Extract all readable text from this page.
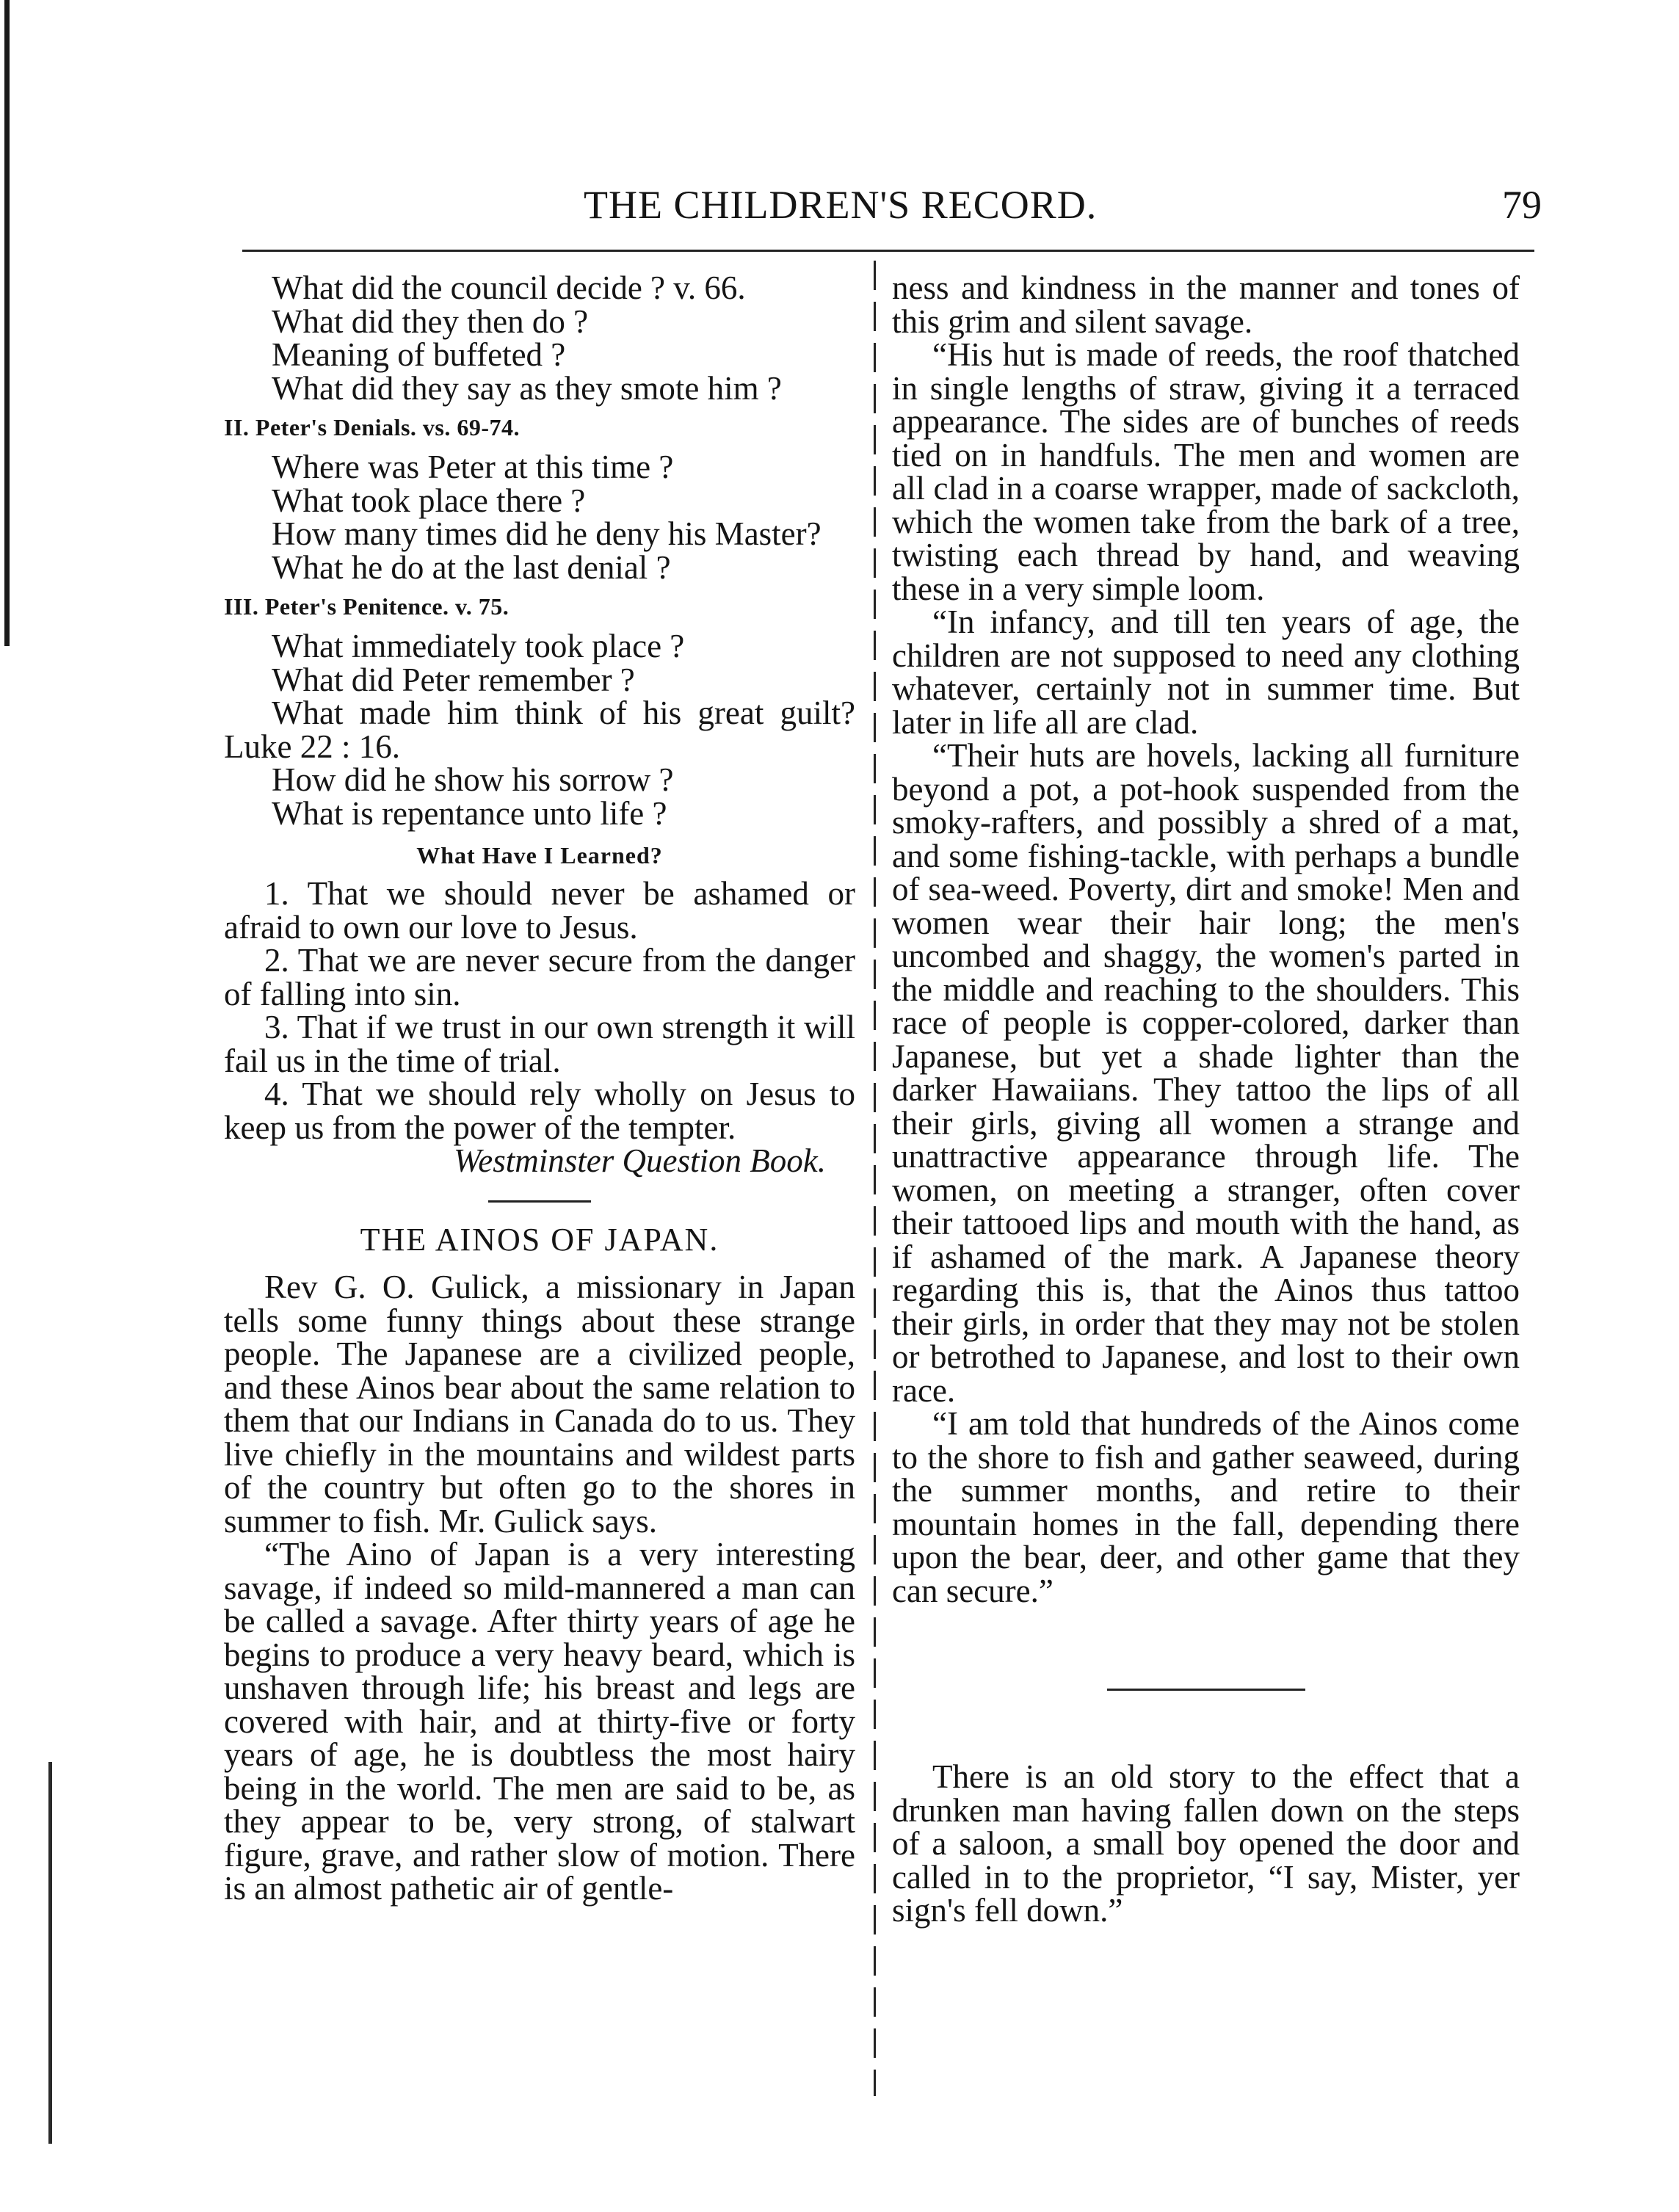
THE CHILDREN'S RECORD.	79

What did the council decide ? v. 66.

What did they then do ?

Meaning of buffeted ?

What did they say as they smote him ?

II. Peter's Denials. vs. 69-74.

Where was Peter at this time ?

What took place there ?

How many times did he deny his Master?

What he do at the last denial ?

III. Peter's Penitence. v. 75.

What immediately took place ?

What did Peter remember ?

What made him think of his great guilt? Luke 22 : 16.

How did he show his sorrow ?

What is repentance unto life ?

What Have I Learned?

1. That we should never be ashamed or afraid to own our love to Jesus.

2. That we are never secure from the danger of falling into sin.

3. That if we trust in our own strength it will fail us in the time of trial.

4. That we should rely wholly on Jesus to keep us from the power of the tempter.

Westminster Question Book.

THE AINOS OF JAPAN.

Rev G. O. Gulick, a missionary in Japan tells some funny things about these strange people. The Japanese are a civilized people, and these Ainos bear about the same relation to them that our Indians in Canada do to us. They live chiefly in the mountains and wildest parts of the country but often go to the shores in summer to fish. Mr. Gulick says.

“The Aino of Japan is a very interesting savage, if indeed so mild-mannered a man can be called a savage. After thirty years of age he begins to produce a very heavy beard, which is unshaven through life; his breast and legs are covered with hair, and at thirty-five or forty years of age, he is doubtless the most hairy being in the world. The men are said to be, as they appear to be, very strong, of stalwart figure, grave, and rather slow of motion. There is an almost pathetic air of gentle-

ness and kindness in the manner and tones of this grim and silent savage.

“His hut is made of reeds, the roof thatched in single lengths of straw, giving it a terraced appearance. The sides are of bunches of reeds tied on in handfuls. The men and women are all clad in a coarse wrapper, made of sackcloth, which the women take from the bark of a tree, twisting each thread by hand, and weaving these in a very simple loom.

“In infancy, and till ten years of age, the children are not supposed to need any clothing whatever, certainly not in summer time. But later in life all are clad.

“Their huts are hovels, lacking all furniture beyond a pot, a pot-hook suspended from the smoky-rafters, and possibly a shred of a mat, and some fishing-tackle, with perhaps a bundle of sea-weed. Poverty, dirt and smoke! Men and women wear their hair long; the men's uncombed and shaggy, the women's parted in the middle and reaching to the shoulders. This race of people is copper-colored, darker than Japanese, but yet a shade lighter than the darker Hawaiians. They tattoo the lips of all their girls, giving all women a strange and unattractive appearance through life. The women, on meeting a stranger, often cover their tattooed lips and mouth with the hand, as if ashamed of the mark. A Japanese theory regarding this is, that the Ainos thus tattoo their girls, in order that they may not be stolen or betrothed to Japanese, and lost to their own race.

“I am told that hundreds of the Ainos come to the shore to fish and gather seaweed, during the summer months, and retire to their mountain homes in the fall, depending there upon the bear, deer, and other game that they can secure.”

There is an old story to the effect that a drunken man having fallen down on the steps of a saloon, a small boy opened the door and called in to the proprietor, “I say, Mister, yer sign's fell down.”
